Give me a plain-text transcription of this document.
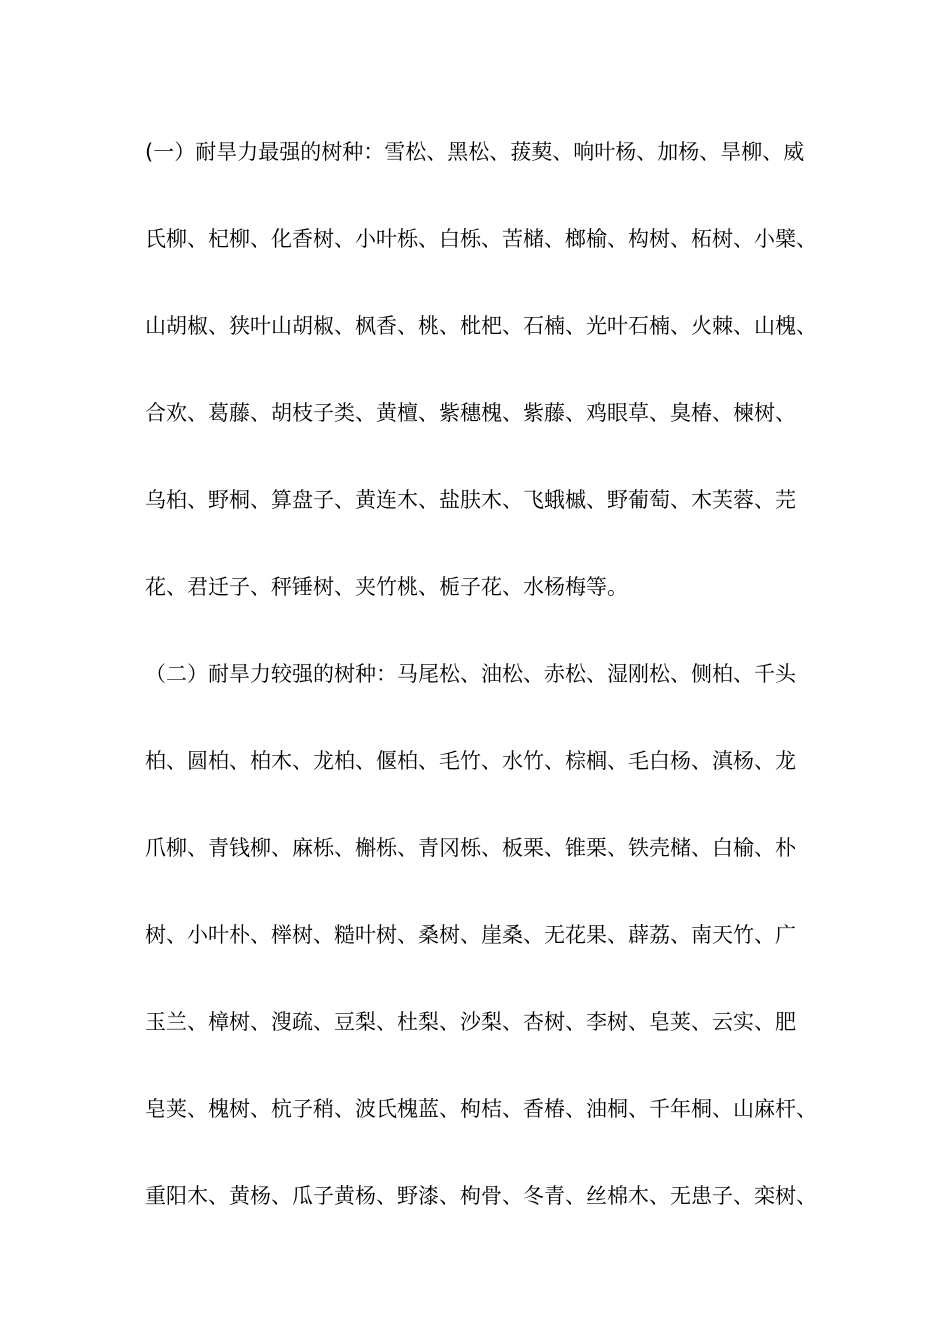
(一）耐旱力最强的树种：雪松、黑松、菝葜、响叶杨、加杨、旱柳、威
氏柳、杞柳、化香树、小叶栎、白栎、苦槠、榔榆、构树、柘树、小檗、
山胡椒、狭叶山胡椒、枫香、桃、枇杷、石楠、光叶石楠、火棘、山槐、
合欢、葛藤、胡枝子类、黄檀、紫穗槐、紫藤、鸡眼草、臭椿、楝树、
乌桕、野桐、算盘子、黄连木、盐肤木、飞蛾槭、野葡萄、木芙蓉、芫
花、君迁子、秤锤树、夹竹桃、栀子花、水杨梅等。
（二）耐旱力较强的树种：马尾松、油松、赤松、湿刚松、侧柏、千头
柏、圆柏、柏木、龙柏、偃柏、毛竹、水竹、棕榈、毛白杨、滇杨、龙
爪柳、青钱柳、麻栎、槲栎、青冈栎、板栗、锥栗、铁壳槠、白榆、朴
树、小叶朴、榉树、糙叶树、桑树、崖桑、无花果、薜荔、南天竹、广
玉兰、樟树、溲疏、豆梨、杜梨、沙梨、杏树、李树、皂荚、云实、肥
皂荚、槐树、杭子稍、波氏槐蓝、枸桔、香椿、油桐、千年桐、山麻杆、
重阳木、黄杨、瓜子黄杨、野漆、枸骨、冬青、丝棉木、无患子、栾树、
